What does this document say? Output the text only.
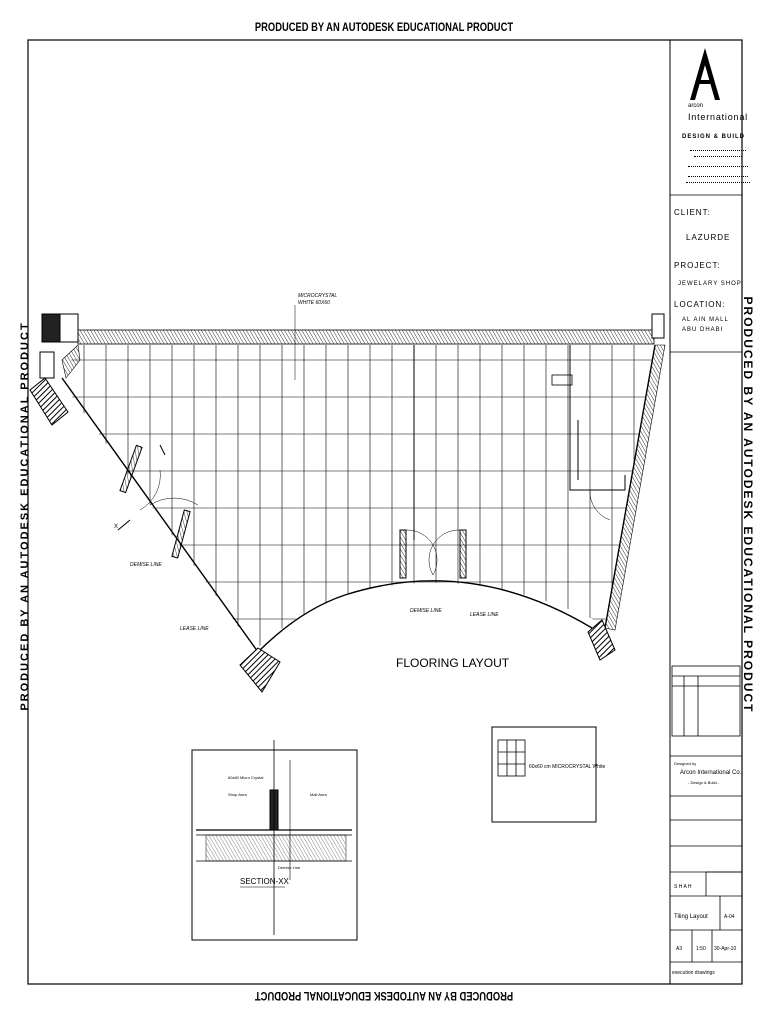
PRODUCED BY AN AUTODESK EDUCATIONAL PRODUCT
PRODUCED BY AN AUTODESK EDUCATIONAL PRODUCT
PRODUCED BY AN AUTODESK EDUCATIONAL PRODUCT	PRODUCED BY AN AUTODESK EDUCATIONAL PRODUCT
MICROCRYSTAL
WHITE 60X60
DEMISE LINE
LEASE LINE
DEMISE LINE
LEASE LINE
X
FLOORING LAYOUT
60x60 cm MICROCRYSTAL White
60x60 Micro Crystal
Shop Area	Mall Area
Demise Line
SECTION-XX
arcon
International
DESIGN & BUILD
CLIENT:
LAZURDE
PROJECT:
JEWELARY SHOP
LOCATION:
AL AIN MALL
ABU DHABI
Designed by
Arcon International Co.
- Design & Build -
S H A H
Tiling Layout	A-04
A3	1:50	30-Apr-10
execution drawings
